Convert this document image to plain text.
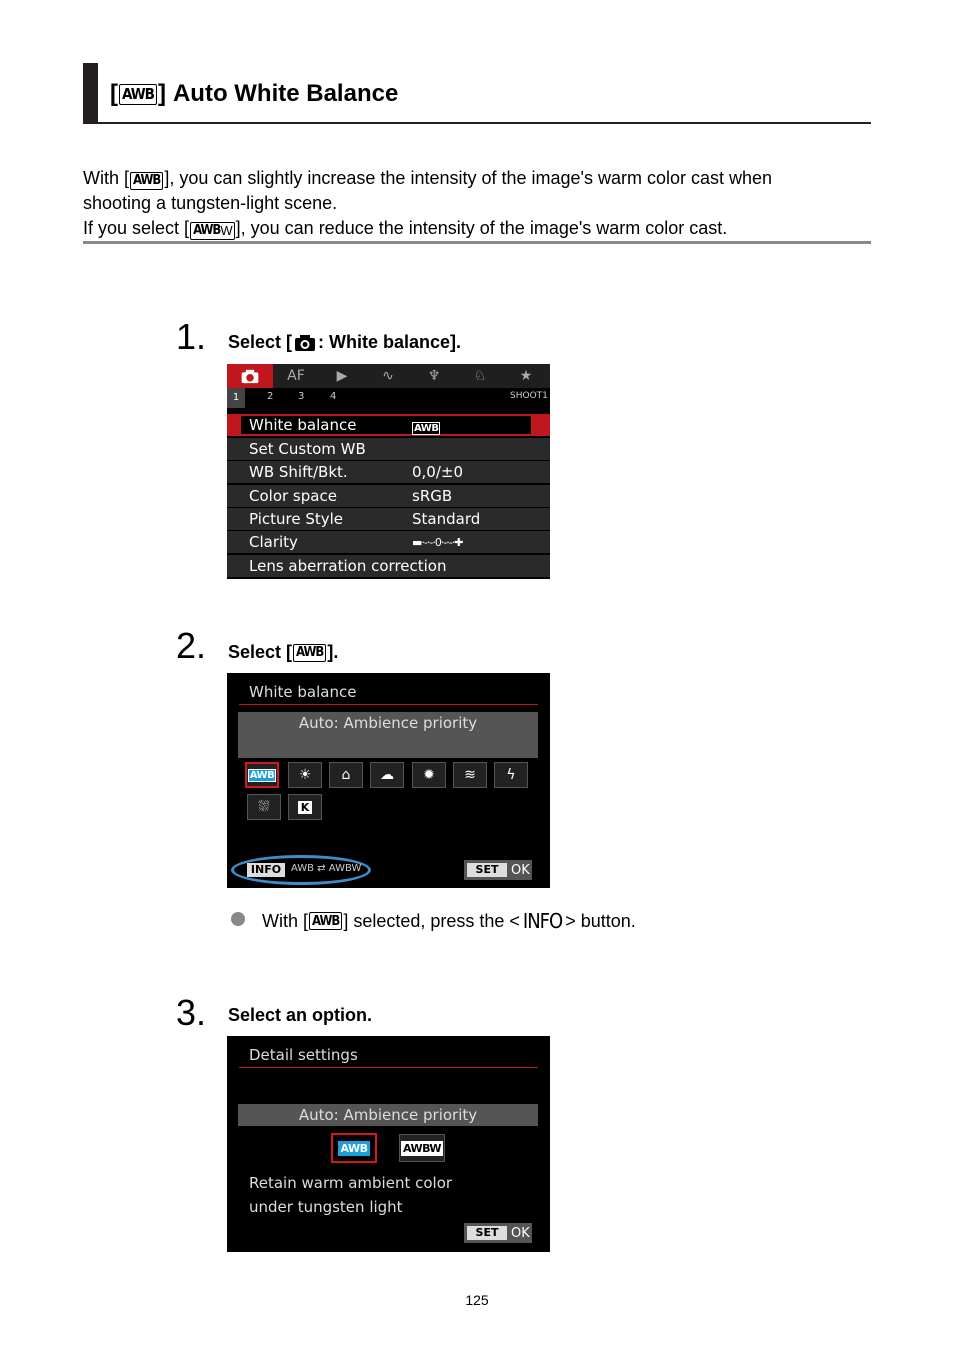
[ AWB ] Auto White Balance

With [ AWB ], you can slightly increase the intensity of the image's warm color cast when

shooting a tungsten-light scene.

If you select [ AWB W ], you can reduce the intensity of the image's warm color cast.

1. Select [ : White balance].
AF	▶	∿	♆	♘	★
1	2 3	4	SHOOT1
White balance	AWB
Set Custom WB
WB Shift/Bkt.	0,0/±0
Color space	sRGB
Picture Style	Standard
Clarity	▬·-·-·0·-·-·✚
Lens aberration correction
2. Select [ AWB ].
White balance
Auto: Ambience priority
AWB ☀ ⌂ ☁ ✹ ≋ ϟ
⛆	K
INFO AWB ⇄ AWBW	SET OK
With [ AWB ] selected, press the < INFO > button.
3. Select an option.
Detail settings
Auto: Ambience priority
AWB	AWBW
Retain warm ambient color
under tungsten light
SET OK
125
